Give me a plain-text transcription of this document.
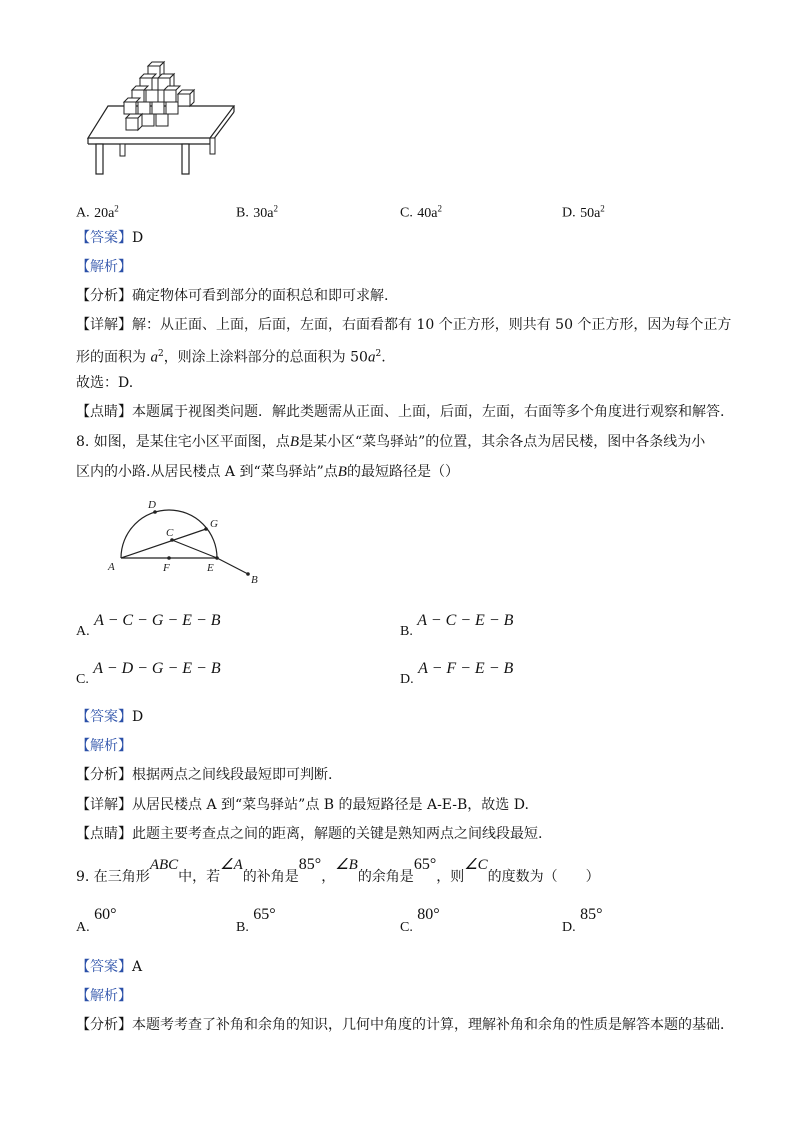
A. $20a^2$	B. $30a^2$	C. $40a^2$	D. $50a^2$
【答案】D
【解析】
【分析】确定物体可看到部分的面积总和即可求解.
【详解】解：从正面、上面，后面，左面，右面看都有 10 个正方形，则共有 50 个正方形，因为每个正方
形的面积为 $a^2$，则涂上涂料部分的总面积为 $50a^2$.
故选：D.
【点睛】本题属于视图类问题．解此类题需从正面、上面，后面，左面，右面等多个角度进行观察和解答.
8. 如图，是某住宅小区平面图，点B是某小区“菜鸟驿站”的位置，其余各点为居民楼，图中各条线为小
区内的小路.从居民楼点 A 到“菜鸟驿站”点B的最短路径是（）
A
B
C
D
E
F
G
A. A − C − G − E − B
B. A − C − E − B
C. A − D − G − E − B
D. A − F − E − B
【答案】D
【解析】
【分析】根据两点之间线段最短即可判断.
【详解】从居民楼点 A 到“菜鸟驿站”点 B 的最短路径是 A-E-B，故选 D.
【点睛】此题主要考查点之间的距离，解题的关键是熟知两点之间线段最短.
9. 在三角形ABC中，若∠A的补角是85°，∠B的余角是65°，则∠C的度数为（　　）
A. 60°
B. 65°
C. 80°
D. 85°
【答案】A
【解析】
【分析】本题考考查了补角和余角的知识，几何中角度的计算，理解补角和余角的性质是解答本题的基础．
